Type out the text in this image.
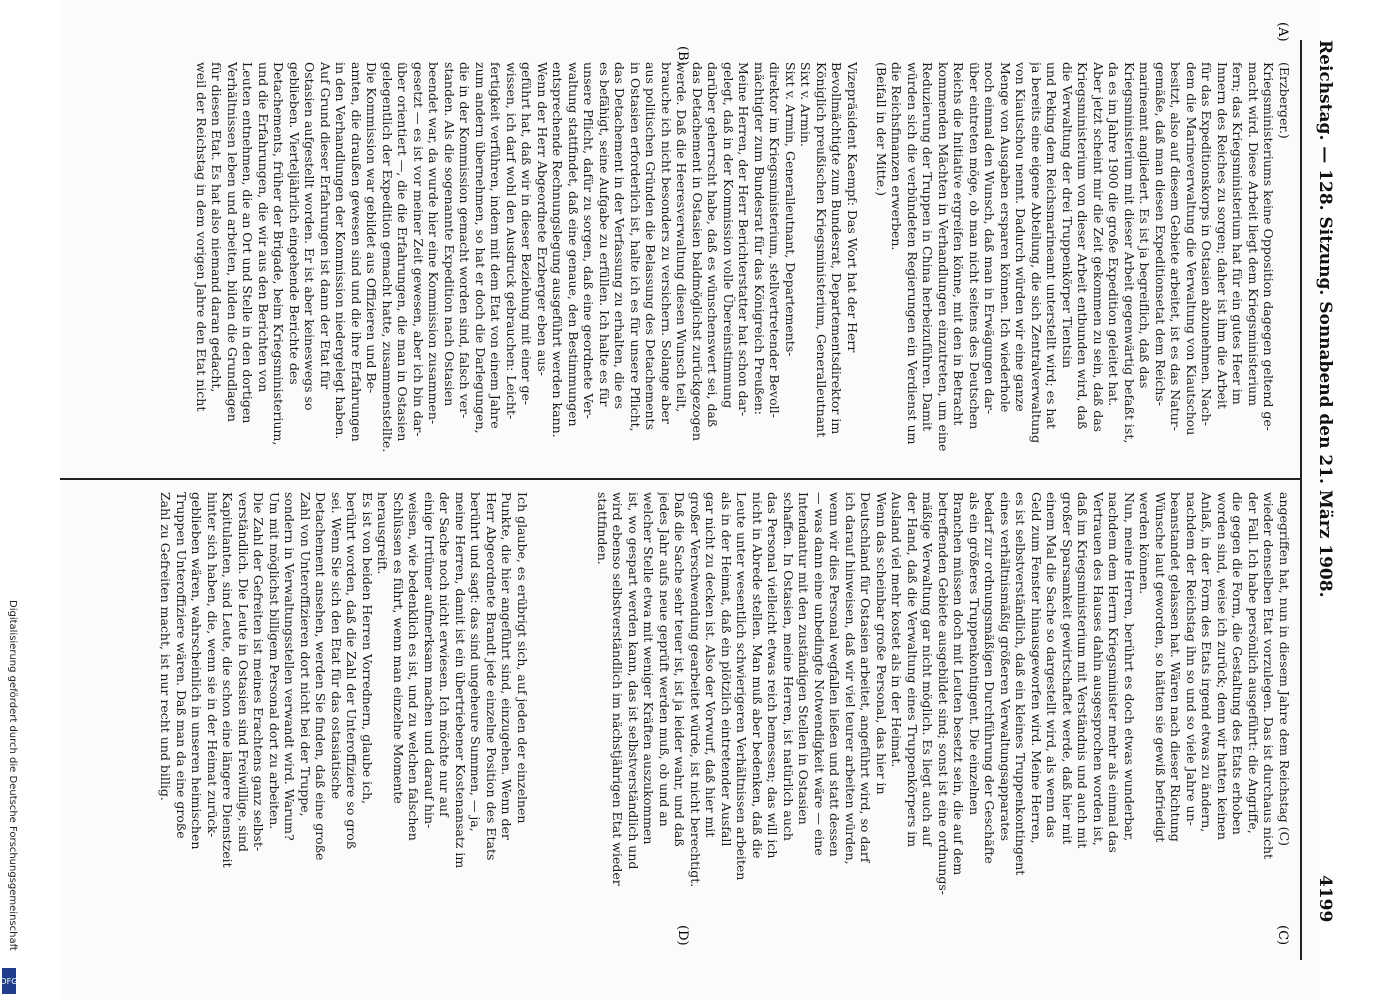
Reichstag. — 128. Sitzung. Sonnabend den 21. März 1908.
4199
(A)
(B)
(C)
(D)
(Erzberger.)
Kriegsministeriums keine Opposition dagegen geltend ge-
macht wird. Diese Arbeit liegt dem Kriegsministerium
fern; das Kriegsministerium hat für ein gutes Heer im
Innern des Reiches zu sorgen; daher ist ihm die Arbeit
für das Expeditionskorps in Ostasien abzunehmen. Nach-
dem die Marineverwaltung die Verwaltung von Kiautschou
besitzt, also auf diesem Gebiete arbeitet, ist es das Natur-
gemäße, daß man diesen Expeditionsetat dem Reichs-
marineamt angliedert. Es ist ja begreiflich, daß das
Kriegsministerium mit dieser Arbeit gegenwärtig befaßt ist,
da es im Jahre 1900 die große Expedition geleitet hat.
Aber jetzt scheint mir die Zeit gekommen zu sein, daß das
Kriegsministerium von dieser Arbeit entbunden wird, daß
die Verwaltung der drei Truppenkörper Tientsin
und Peking dem Reichsmarineamt unterstellt wird; es hat
ja bereits eine eigene Abteilung, die sich Zentralverwaltung
von Kiautschou nennt. Dadurch würden wir eine ganze
Menge von Ausgaben ersparen können. Ich wiederhole
noch einmal den Wunsch, daß man in Erwägungen dar-
über eintreten möge, ob man nicht seitens des Deutschen
Reichs die Initiative ergreifen könne, mit den in Betracht
kommenden Mächten in Verhandlungen einzutreten, um eine
Reduzierung der Truppen in China herbeizuführen. Damit
würden sich die verbündeten Regierungen ein Verdienst um
die Reichsfinanzen erwerben.
(Beifall in der Mitte.)
Vizepräsident Kaempf: Das Wort hat der Herr
Bevollmächtigte zum Bundesrat, Departementsdirektor im
Königlich preußischen Kriegsministerium, Generalleutnant
Sixt v. Armin.
Sixt v. Armin, Generalleutnant, Departements-
direktor im Kriegsministerium, stellvertretender Bevoll-
mächtigter zum Bundesrat für das Königreich Preußen:
Meine Herren, der Herr Berichterstatter hat schon dar-
gelegt, daß in der Kommission volle Übereinstimmung
darüber geherrscht habe, daß es wünschenswert sei, daß
das Detachement in Ostasien baldmöglichst zurückgezogen
werde. Daß die Heeresverwaltung diesen Wunsch teilt,
brauche ich nicht besonders zu versichern. Solange aber
aus politischen Gründen die Belassung des Detachements
in Ostasien erforderlich ist, halte ich es für unsere Pflicht,
das Detachement in der Verfassung zu erhalten, die es
es befähigt, seine Aufgabe zu erfüllen. Ich halte es für
unsere Pflicht, dafür zu sorgen, daß eine geordnete Ver-
waltung stattfindet, daß eine genaue, den Bestimmungen
entsprechende Rechnungslegung ausgeführt werden kann.
Wenn der Herr Abgeordnete Erzberger eben aus-
geführt hat, daß wir in dieser Beziehung mit einer ge-
wissen, ich darf wohl den Ausdruck gebrauchen: Leicht-
fertigkeit verführen, indem mit dem Etat von einem Jahre
zum andern übernehmen, so hat er doch die Darlegungen,
die in der Kommission gemacht worden sind, falsch ver-
standen. Als die sogenannte Expedition nach Ostasien
beendet war, da wurde hier eine Kommission zusammen-
gesetzt — es ist vor meiner Zeit gewesen, aber ich bin dar-
über orientiert —, die die Erfahrungen, die man in Ostasien
gelegentlich der Expedition gemacht hatte, zusammenstellte.
Die Kommission war gebildet aus Offizieren und Be-
amten, die draußen gewesen sind und die ihre Erfahrungen
in den Verhandlungen der Kommission niedergelegt haben.
Auf Grund dieser Erfahrungen ist dann der Etat für
Ostasien aufgestellt worden. Er ist aber keineswegs so
geblieben. Vierteljährlich eingehende Berichte des
Detachements, früher der Brigade, beim Kriegsministerium,
und die Erfahrungen, die wir aus den Berichten von
Leuten entnehmen, die an Ort und Stelle in den dortigen
Verhältnissen leben und arbeiten, bilden die Grundlagen
für diesen Etat. Es hat also niemand daran gedacht,
weil der Reichstag in dem vorigen Jahre den Etat nicht
angegriffen hat, nun in diesem Jahre dem Reichstag (C)
wieder denselben Etat vorzulegen. Das ist durchaus nicht
der Fall. Ich habe persönlich ausgeführt: die Angriffe,
die gegen die Form, die Gestaltung des Etats erhoben
worden sind, weise ich zurück; denn wir hatten keinen
Anlaß, in der Form des Etats irgend etwas zu ändern,
nachdem der Reichstag ihn so und so viele Jahre un-
beanstandet gelassen hat. Wären nach dieser Richtung
Wünsche laut geworden, so hätten sie gewiß befriedigt
werden können.
Nun, meine Herren, berührt es doch etwas wunderbar,
nachdem dem Herrn Kriegsminister mehr als einmal das
Vertrauen des Hauses dahin ausgesprochen worden ist,
daß im Kriegsministerium mit Verständnis und auch mit
großer Sparsamkeit gewirtschaftet werde, daß hier mit
einem Mal die Sache so dargestellt wird, als wenn das
Geld zum Fenster hinausgeworfen wird. Meine Herren,
es ist selbstverständlich, daß ein kleines Truppenkontingent
eines verhältnismäßig größeren Verwaltungsapparates
bedarf zur ordnungsmäßigen Durchführung der Geschäfte
als ein größeres Truppenkontingent. Die einzelnen
Branchen müssen doch mit Leuten besetzt sein, die auf dem
betreffenden Gebiete ausgebildet sind; sonst ist eine ordnungs-
mäßige Verwaltung gar nicht möglich. Es liegt auch auf
der Hand, daß die Verwaltung eines Truppenkörpers im
Ausland viel mehr kostet als in der Heimat.
Wenn das scheinbar große Personal, das hier in
Deutschland für Ostasien arbeitet, angeführt wird, so darf
ich darauf hinweisen, daß wir viel teurer arbeiten würden,
wenn wir dies Personal wegfallen ließen und statt dessen
— was dann eine unbedingte Notwendigkeit wäre — eine
Intendantur mit den zuständigen Stellen in Ostasien
schaffen. In Ostasien, meine Herren, ist natürlich auch
das Personal vielleicht etwas reich bemessen; das will ich
nicht in Abrede stellen. Man muß aber bedenken, daß die
Leute unter wesentlich schwierigeren Verhältnissen arbeiten
als in der Heimat, daß ein plötzlich eintretender Ausfall
gar nicht zu decken ist. Also der Vorwurf, daß hier mit
großer Verschwendung gearbeitet würde, ist nicht berechtigt.
Daß die Sache sehr teuer ist, ist ja leider wahr, und daß
jedes Jahr aufs neue geprüft werden muß, ob und an
welcher Stelle etwa mit weniger Kräften auszukommen
ist, wo gespart werden kann, das ist selbstverständlich und
wird ebenso selbstverständlich im nächstjährigen Etat wieder
stattfinden.
Ich glaube, es erübrigt sich, auf jeden der einzelnen
Punkte, die hier angeführt sind, einzugehen. Wenn der
Herr Abgeordnete Brandt jede einzelne Position des Etats
berührt und sagt: das sind ungeheure Summen, — ja,
meine Herren, damit ist ein übertriebener Kostenansatz im
der Sache noch nicht erwiesen. Ich möchte nur auf
einige Irrtümer aufmerksam machen und darauf hin-
weisen, wie bedenklich es ist, und zu welchen falschen
Schlüssen es führt, wenn man einzelne Momente
herausgreift.
Es ist von beiden Herren Vorrednern, glaube ich,
berührt worden, daß die Zahl der Unteroffiziere so groß
sei. Wenn Sie sich den Etat für das ostasiatische
Detachement ansehen, werden Sie finden, daß eine große
Zahl von Unteroffizieren dort nicht bei der Truppe,
sondern in Verwaltungsstellen verwandt wird. Warum?
Um mit möglichst billigem Personal dort zu arbeiten.
Die Zahl der Gefreiten ist meines Erachtens ganz selbst-
verständlich. Die Leute in Ostasien sind Freiwillige, sind
Kapitulanten, sind Leute, die schon eine längere Dienstzeit
hinter sich haben, die, wenn sie in der Heimat zurück-
geblieben wären, wahrscheinlich in unseren heimischen
Truppen Unteroffiziere wären. Daß man da eine große
Zahl zu Gefreiten macht, ist nur recht und billig.
Digitalisierung gefördert durch die Deutsche Forschungsgemeinschaft
DFG
